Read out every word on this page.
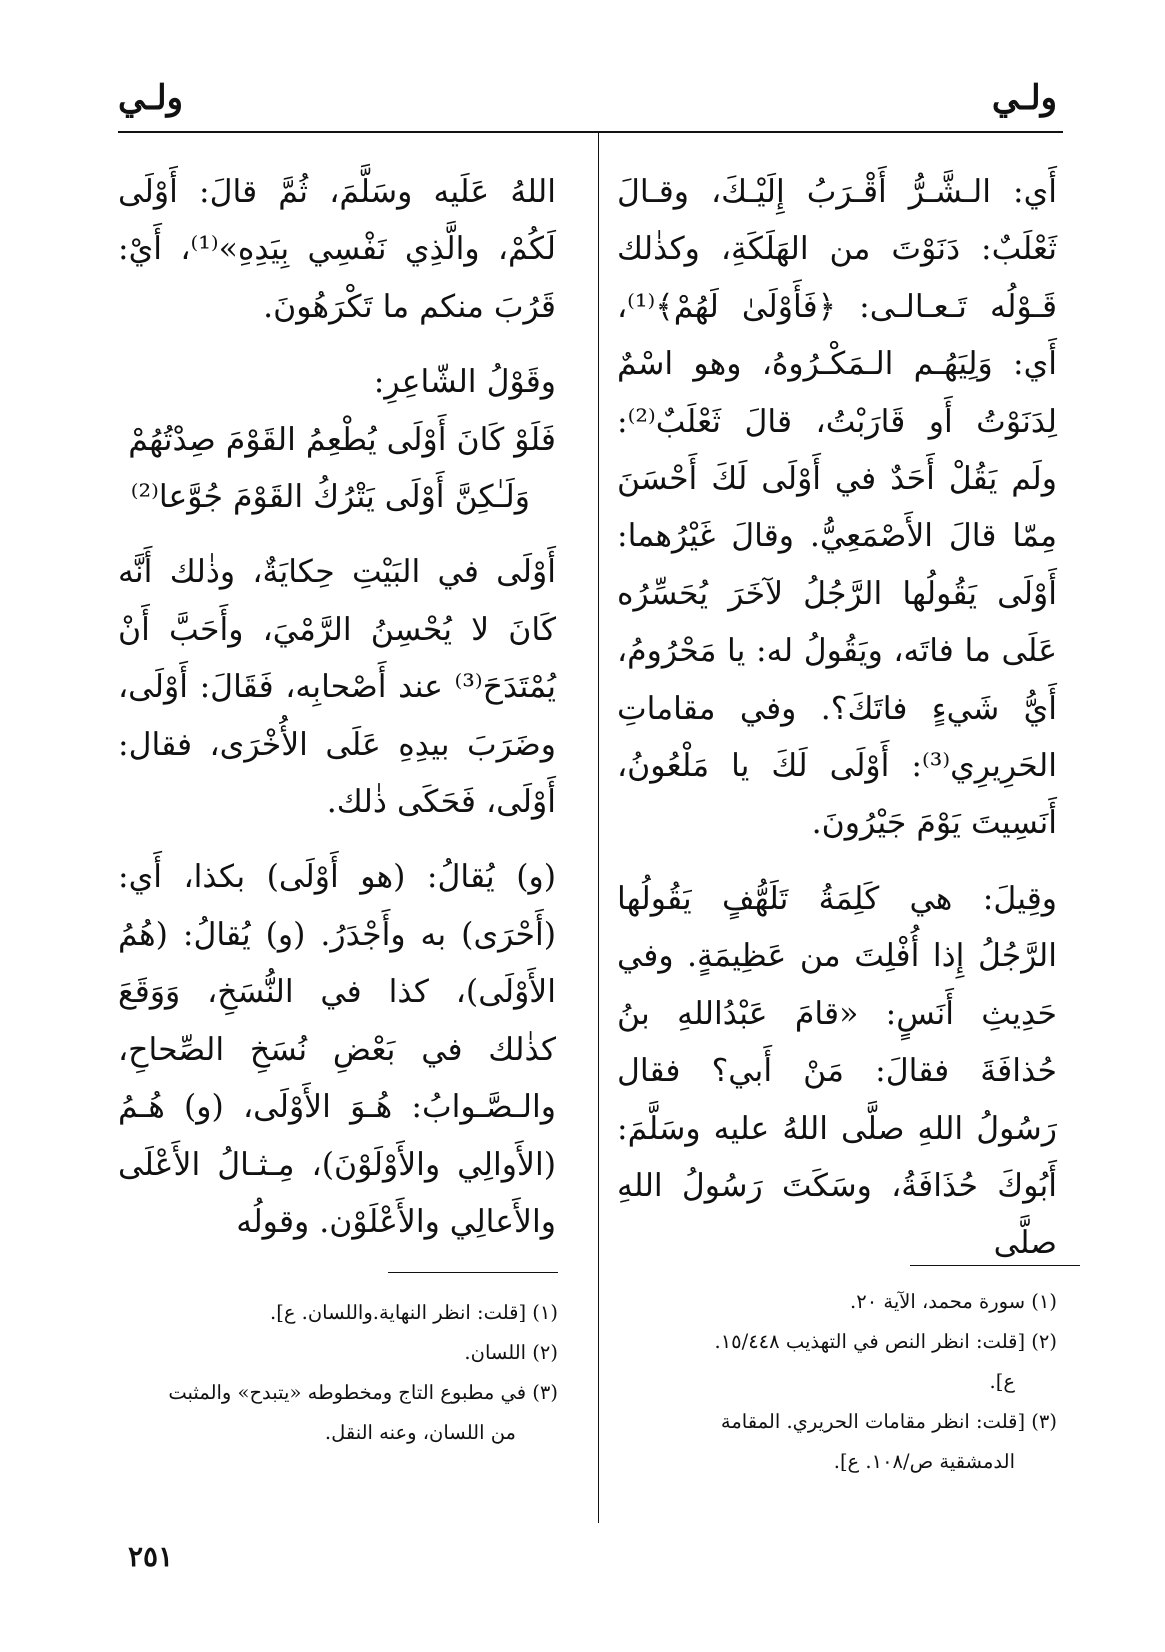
ولـي
ولـي

أَي: الـشَّـرُّ أَقْـرَبُ إِلَيْـكَ، وقـالَ ثَعْلَبٌ: دَنَوْتَ من الهَلَكَةِ، وكذٰلك قَـوْلُه تَـعـالـى: ﴿فَأَوْلَىٰ لَهُمْ﴾⁽¹⁾، أَي: وَلِيَهُـم الـمَكْـرُوهُ، وهو اسْمٌ لِدَنَوْتُ أَو قَارَبْتُ، قالَ ثَعْلَبٌ⁽²⁾: ولَم يَقُلْ أَحَدٌ في أَوْلَى لَكَ أَحْسَنَ مِمّا قالَ الأَصْمَعِيُّ. وقالَ غَيْرُهما: أَوْلَى يَقُولُها الرَّجُلُ لآخَرَ يُحَسِّرُه عَلَى ما فاتَه، ويَقُولُ له: يا مَحْرُومُ، أَيُّ شَيءٍ فاتَكَ؟. وفي مقاماتِ الحَرِيرِي⁽³⁾: أَوْلَى لَكَ يا مَلْعُونُ، أَنَسِيتَ يَوْمَ جَيْرُونَ.

وقِيلَ: هي كَلِمَةُ تَلَهُّفٍ يَقُولُها الرَّجُلُ إِذا أُفْلِتَ من عَظِيمَةٍ. وفي حَدِيثِ أَنَسٍ: «قامَ عَبْدُاللهِ بنُ حُذافَةَ فقالَ: مَنْ أَبي؟ فقال رَسُولُ اللهِ صلَّى اللهُ عليه وسَلَّمَ: أَبُوكَ حُذَافَةُ، وسَكَتَ رَسُولُ اللهِ صلَّى

اللهُ عَلَيه وسَلَّمَ، ثُمَّ قالَ: أَوْلَى لَكُمْ، والَّذِي نَفْسِي بِيَدِهِ»⁽¹⁾، أَيْ: قَرُبَ منكم ما تَكْرَهُونَ.

وقَوْلُ الشّاعِرِ:

فَلَوْ كَانَ أَوْلَى يُطْعِمُ القَوْمَ صِدْتُهُمْ

وَلَـٰكِنَّ أَوْلَى يَتْرُكُ القَوْمَ جُوَّعا⁽²⁾

أَوْلَى في البَيْتِ حِكايَةٌ، وذٰلك أَنَّه كَانَ لا يُحْسِنُ الرَّمْيَ، وأَحَبَّ أَنْ يُمْتَدَحَ⁽³⁾ عند أَصْحابِه، فَقَالَ: أَوْلَى، وضَرَبَ بيدِهِ عَلَى الأُخْرَى، فقال: أَوْلَى، فَحَكَى ذٰلك.

(و) يُقالُ: (هو أَوْلَى) بكذا، أَي: (أَحْرَى) به وأَجْدَرُ. (و) يُقالُ: (هُمُ الأَوْلَى)، كذا في النُّسَخِ، وَوَقَعَ كذٰلك في بَعْضِ نُسَخِ الصِّحاحِ، والـصَّـوابُ: هُـوَ الأَوْلَى، (و) هُـمُ (الأَوالِي والأَوْلَوْنَ)، مِـثـالُ الأَعْلَى والأَعالِي والأَعْلَوْن. وقولُه

(١) سورة محمد، الآية ٢٠.
(٢) [قلت: انظر النص في التهذيب ١٥/٤٤٨.
ع].
(٣) [قلت: انظر مقامات الحريري. المقامة
الدمشقية ص/١٠٨. ع].
(١) [قلت: انظر النهاية.واللسان. ع].
(٢) اللسان.
(٣) في مطبوع التاج ومخطوطه «يتبدح» والمثبت
من اللسان، وعنه النقل.
٢٥١
